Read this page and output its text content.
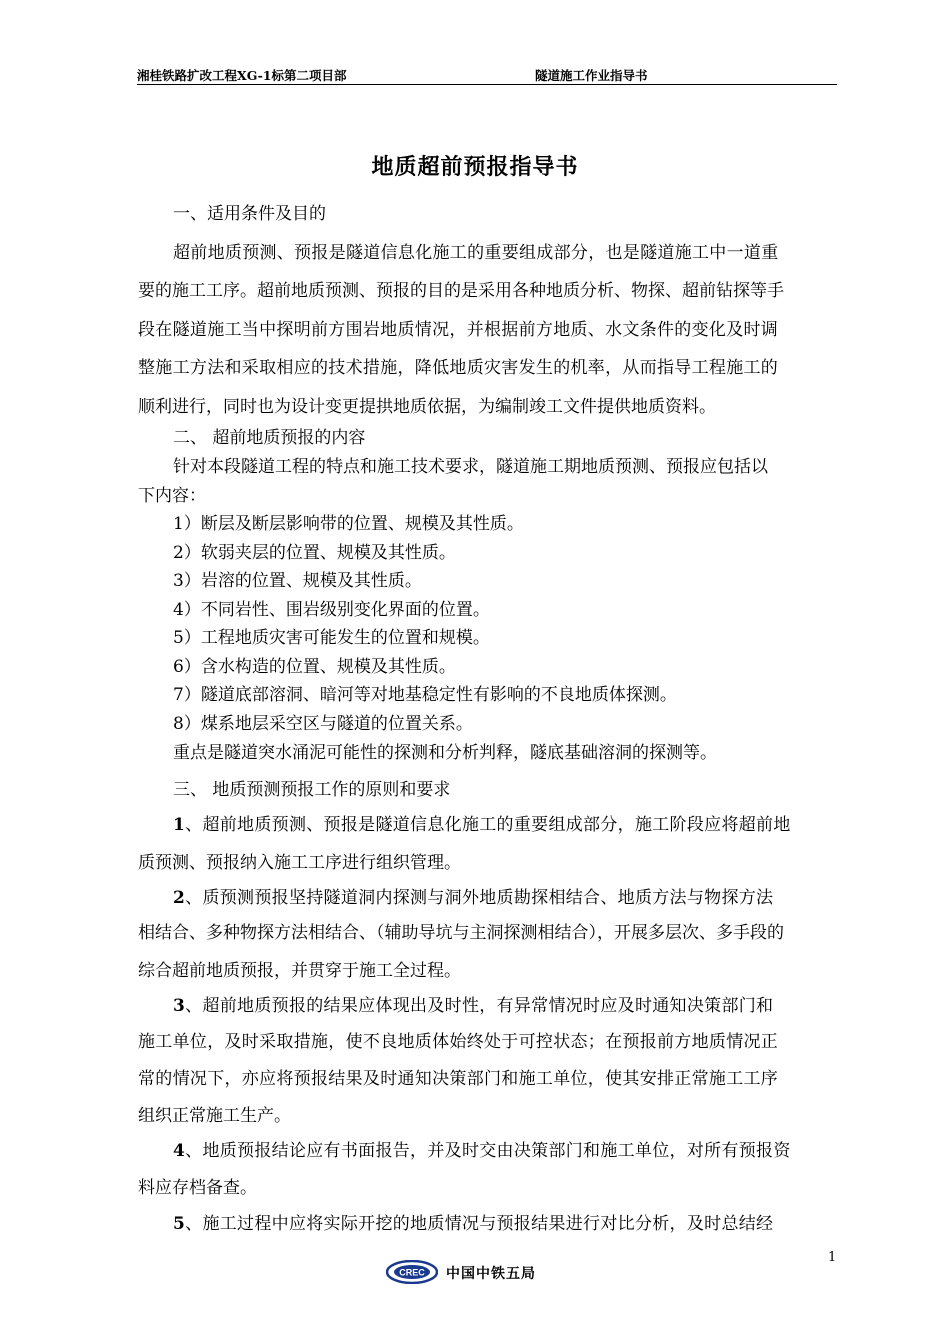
湘桂铁路扩改工程XG-1标第二项目部	隧道施工作业指导书
地质超前预报指导书
一、适用条件及目的
超前地质预测、预报是隧道信息化施工的重要组成部分，也是隧道施工中一道重
要的施工工序。超前地质预测、预报的目的是采用各种地质分析、物探、超前钻探等手
段在隧道施工当中探明前方围岩地质情况，并根据前方地质、水文条件的变化及时调
整施工方法和采取相应的技术措施，降低地质灾害发生的机率，从而指导工程施工的
顺利进行，同时也为设计变更提拱地质依据，为编制竣工文件提供地质资料。
二、 超前地质预报的内容
针对本段隧道工程的特点和施工技术要求，隧道施工期地质预测、预报应包括以
下内容：
1）断层及断层影响带的位置、规模及其性质。
2）软弱夹层的位置、规模及其性质。
3）岩溶的位置、规模及其性质。
4）不同岩性、围岩级别变化界面的位置。
5）工程地质灾害可能发生的位置和规模。
6）含水构造的位置、规模及其性质。
7）隧道底部溶洞、暗河等对地基稳定性有影响的不良地质体探测。
8）煤系地层采空区与隧道的位置关系。
重点是隧道突水涌泥可能性的探测和分析判释，隧底基础溶洞的探测等。
三、 地质预测预报工作的原则和要求
1、超前地质预测、预报是隧道信息化施工的重要组成部分，施工阶段应将超前地
质预测、预报纳入施工工序进行组织管理。
2、质预测预报坚持隧道洞内探测与洞外地质勘探相结合、地质方法与物探方法
相结合、多种物探方法相结合、（辅助导坑与主洞探测相结合），开展多层次、多手段的
综合超前地质预报，并贯穿于施工全过程。
3、超前地质预报的结果应体现出及时性，有异常情况时应及时通知决策部门和
施工单位，及时采取措施，使不良地质体始终处于可控状态；在预报前方地质情况正
常的情况下，亦应将预报结果及时通知决策部门和施工单位，使其安排正常施工工序
组织正常施工生产。
4、地质预报结论应有书面报告，并及时交由决策部门和施工单位，对所有预报资
料应存档备查。
5、施工过程中应将实际开挖的地质情况与预报结果进行对比分析，及时总结经
1
CREC 中国中铁五局
